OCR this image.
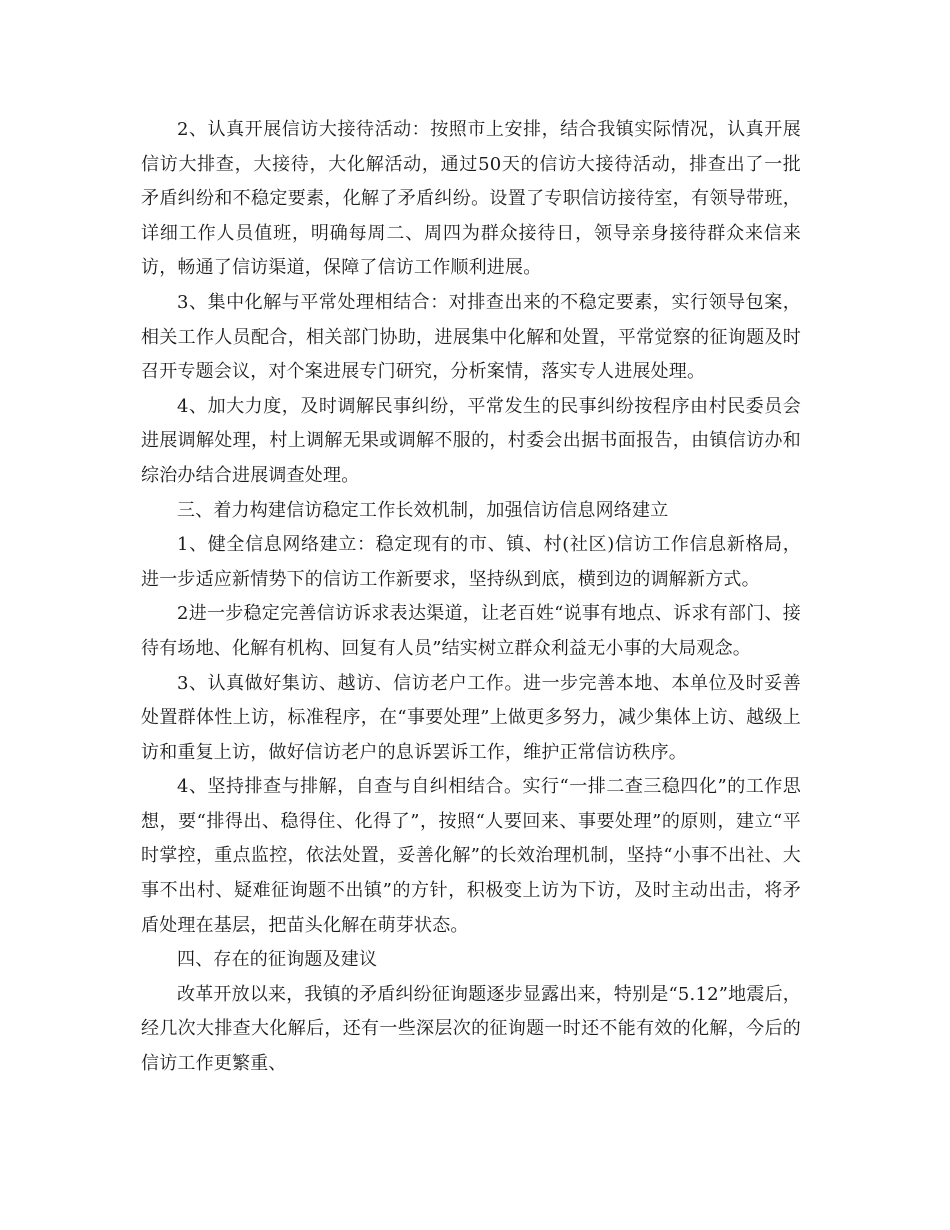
2、认真开展信访大接待活动：按照市上安排，结合我镇实际情况，认真开展信访大排查，大接待，大化解活动，通过50天的信访大接待活动，排查出了一批矛盾纠纷和不稳定要素，化解了矛盾纠纷。设置了专职信访接待室，有领导带班，详细工作人员值班，明确每周二、周四为群众接待日，领导亲身接待群众来信来访，畅通了信访渠道，保障了信访工作顺利进展。

3、集中化解与平常处理相结合：对排查出来的不稳定要素，实行领导包案，相关工作人员配合，相关部门协助，进展集中化解和处置，平常觉察的征询题及时召开专题会议，对个案进展专门研究，分析案情，落实专人进展处理。

4、加大力度，及时调解民事纠纷，平常发生的民事纠纷按程序由村民委员会进展调解处理，村上调解无果或调解不服的，村委会出据书面报告，由镇信访办和综治办结合进展调查处理。

三、着力构建信访稳定工作长效机制，加强信访信息网络建立

1、健全信息网络建立：稳定现有的市、镇、村(社区)信访工作信息新格局，进一步适应新情势下的信访工作新要求，坚持纵到底，横到边的调解新方式。

2进一步稳定完善信访诉求表达渠道，让老百姓“说事有地点、诉求有部门、接待有场地、化解有机构、回复有人员”结实树立群众利益无小事的大局观念。

3、认真做好集访、越访、信访老户工作。进一步完善本地、本单位及时妥善处置群体性上访，标准程序，在“事要处理”上做更多努力，减少集体上访、越级上访和重复上访，做好信访老户的息诉罢诉工作，维护正常信访秩序。

4、坚持排查与排解，自查与自纠相结合。实行“一排二查三稳四化”的工作思想，要“排得出、稳得住、化得了”，按照“人要回来、事要处理”的原则，建立“平时掌控，重点监控，依法处置，妥善化解”的长效治理机制，坚持“小事不出社、大事不出村、疑难征询题不出镇”的方针，积极变上访为下访，及时主动出击，将矛盾处理在基层，把苗头化解在萌芽状态。

四、存在的征询题及建议

改革开放以来，我镇的矛盾纠纷征询题逐步显露出来，特别是“5.12”地震后，经几次大排查大化解后，还有一些深层次的征询题一时还不能有效的化解，今后的信访工作更繁重、
